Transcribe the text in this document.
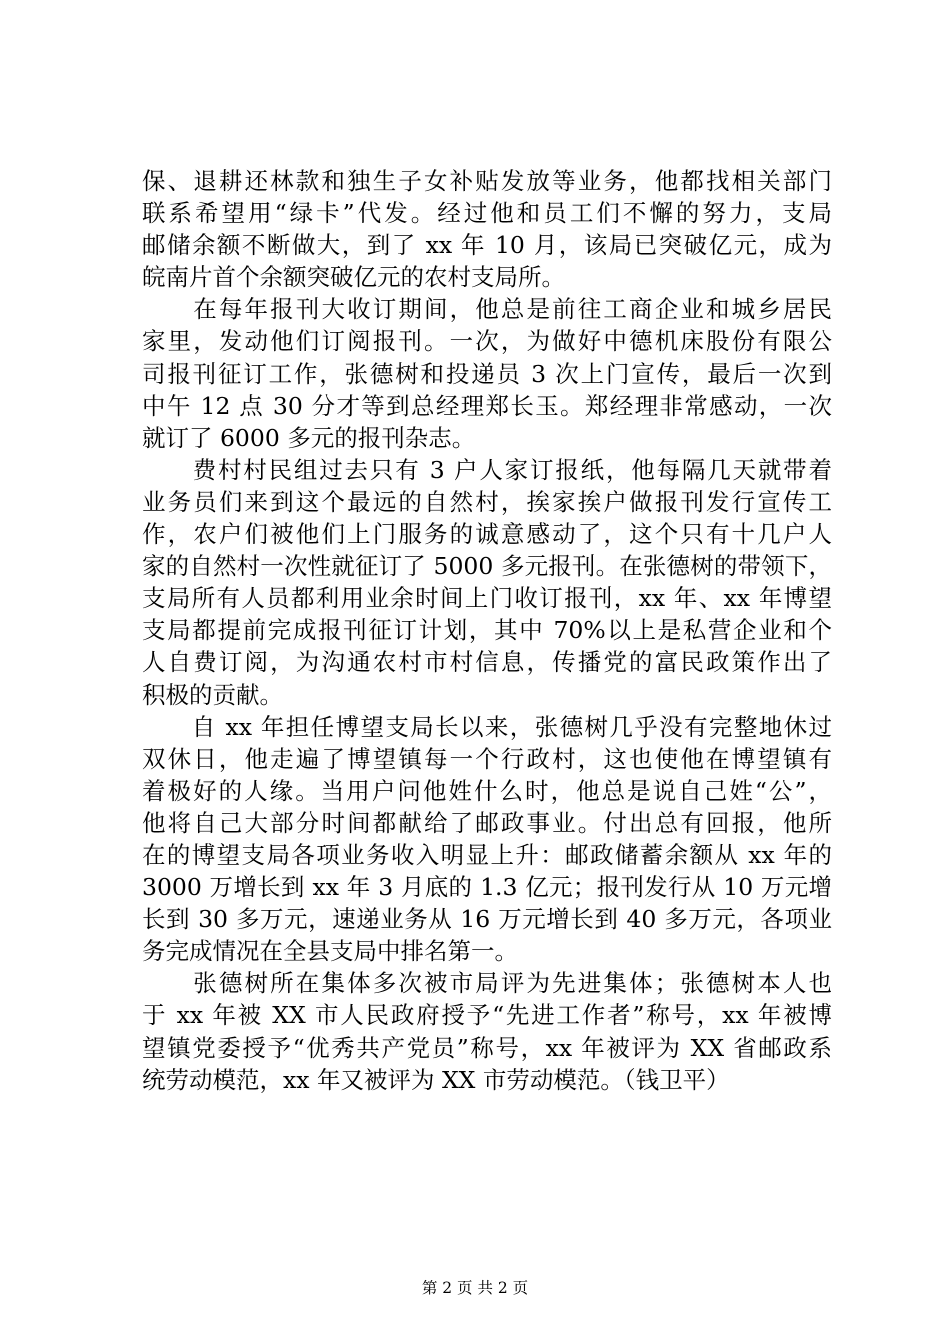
保、退耕还林款和独生子女补贴发放等业务，他都找相关部门
联系希望用“绿卡”代发。经过他和员工们不懈的努力，支局
邮储余额不断做大，到了 xx 年 10 月，该局已突破亿元，成为
皖南片首个余额突破亿元的农村支局所。
　　在每年报刊大收订期间，他总是前往工商企业和城乡居民
家里，发动他们订阅报刊。一次，为做好中德机床股份有限公
司报刊征订工作，张德树和投递员 3 次上门宣传，最后一次到
中午 12 点 30 分才等到总经理郑长玉。郑经理非常感动，一次
就订了 6000 多元的报刊杂志。
　　费村村民组过去只有 3 户人家订报纸，他每隔几天就带着
业务员们来到这个最远的自然村，挨家挨户做报刊发行宣传工
作，农户们被他们上门服务的诚意感动了，这个只有十几户人
家的自然村一次性就征订了 5000 多元报刊。在张德树的带领下，
支局所有人员都利用业余时间上门收订报刊，xx 年、xx 年博望
支局都提前完成报刊征订计划，其中 70%以上是私营企业和个
人自费订阅，为沟通农村市村信息，传播党的富民政策作出了
积极的贡献。
　　自 xx 年担任博望支局长以来，张德树几乎没有完整地休过
双休日，他走遍了博望镇每一个行政村，这也使他在博望镇有
着极好的人缘。当用户问他姓什么时，他总是说自己姓“公”，
他将自己大部分时间都献给了邮政事业。付出总有回报，他所
在的博望支局各项业务收入明显上升：邮政储蓄余额从 xx 年的
3000 万增长到 xx 年 3 月底的 1.3 亿元；报刊发行从 10 万元增
长到 30 多万元，速递业务从 16 万元增长到 40 多万元，各项业
务完成情况在全县支局中排名第一。
　　张德树所在集体多次被市局评为先进集体；张德树本人也
于 xx 年被 XX 市人民政府授予“先进工作者”称号，xx 年被博
望镇党委授予“优秀共产党员”称号，xx 年被评为 XX 省邮政系
统劳动模范，xx 年又被评为 XX 市劳动模范。（钱卫平）
第 2 页 共 2 页
